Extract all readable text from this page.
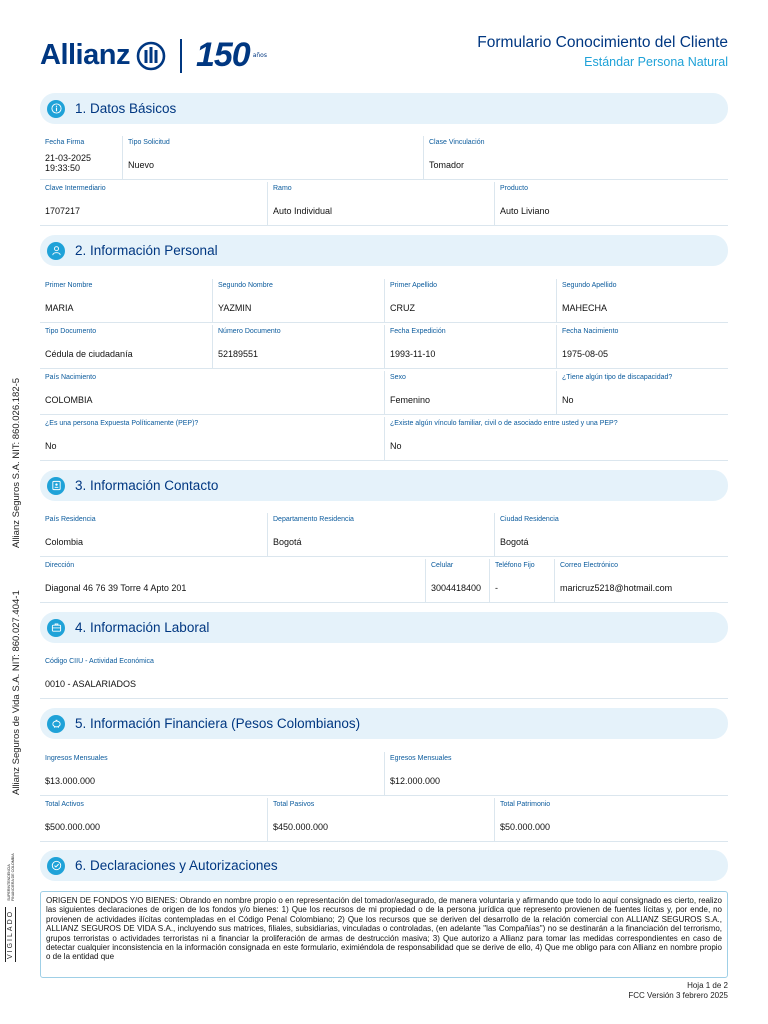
Allianz 150 años
Formulario Conocimiento del Cliente
Estándar Persona Natural
Allianz Seguros S.A. NIT: 860.026.182-5
Allianz Seguros de Vida S.A. NIT: 860.027.404-1
VIGILADO
SUPERINTENDENCIA FINANCIERA DE COLOMBIA
1. Datos Básicos
Fecha Firma
21-03-2025 19:33:50
Tipo Solicitud
Nuevo
Clase Vinculación
Tomador
Clave Intermediario
1707217
Ramo
Auto Individual
Producto
Auto Liviano
2. Información Personal
Primer Nombre
MARIA
Segundo Nombre
YAZMIN
Primer Apellido
CRUZ
Segundo Apellido
MAHECHA
Tipo Documento
Cédula de ciudadanía
Número Documento
52189551
Fecha Expedición
1993-11-10
Fecha Nacimiento
1975-08-05
País Nacimiento
COLOMBIA
Sexo
Femenino
¿Tiene algún tipo de discapacidad?
No
¿Es una persona Expuesta Políticamente (PEP)?
No
¿Existe algún vínculo familiar, civil o de asociado entre usted y una PEP?
No
3. Información Contacto
País Residencia
Colombia
Departamento Residencia
Bogotá
Ciudad Residencia
Bogotá
Dirección
Diagonal 46 76 39 Torre 4 Apto 201
Celular
3004418400
Teléfono Fijo
-
Correo Electrónico
maricruz5218@hotmail.com
4. Información Laboral
Código CIIU - Actividad Económica
0010 - ASALARIADOS
5. Información Financiera (Pesos Colombianos)
Ingresos Mensuales
$13.000.000
Egresos Mensuales
$12.000.000
Total Activos
$500.000.000
Total Pasivos
$450.000.000
Total Patrimonio
$50.000.000
6. Declaraciones y Autorizaciones

ORIGEN DE FONDOS Y/O BIENES: Obrando en nombre propio o en representación del tomador/asegurado, de manera voluntaria y afirmando que todo lo aquí consignado es cierto, realizo las siguientes declaraciones de origen de los fondos y/o bienes: 1) Que los recursos de mi propiedad o de la persona jurídica que represento provienen de fuentes lícitas y, por ende, no provienen de actividades ilícitas contempladas en el Código Penal Colombiano; 2) Que los recursos que se deriven del desarrollo de la relación comercial con ALLIANZ SEGUROS S.A., ALLIANZ SEGUROS DE VIDA S.A., incluyendo sus matrices, filiales, subsidiarias, vinculadas o controladas, (en adelante "las Compañías") no se destinarán a la financiación del terrorismo, grupos terroristas o actividades terroristas ni a financiar la proliferación de armas de destrucción masiva; 3) Que autorizo a Allianz para tomar las medidas correspondientes en caso de detectar cualquier inconsistencia en la información consignada en este formulario, eximiéndola de responsabilidad que se derive de ello, 4) Que me obligo para con Allianz en nombre propio o de la entidad que

Hoja 1 de 2
FCC Versión 3 febrero 2025
